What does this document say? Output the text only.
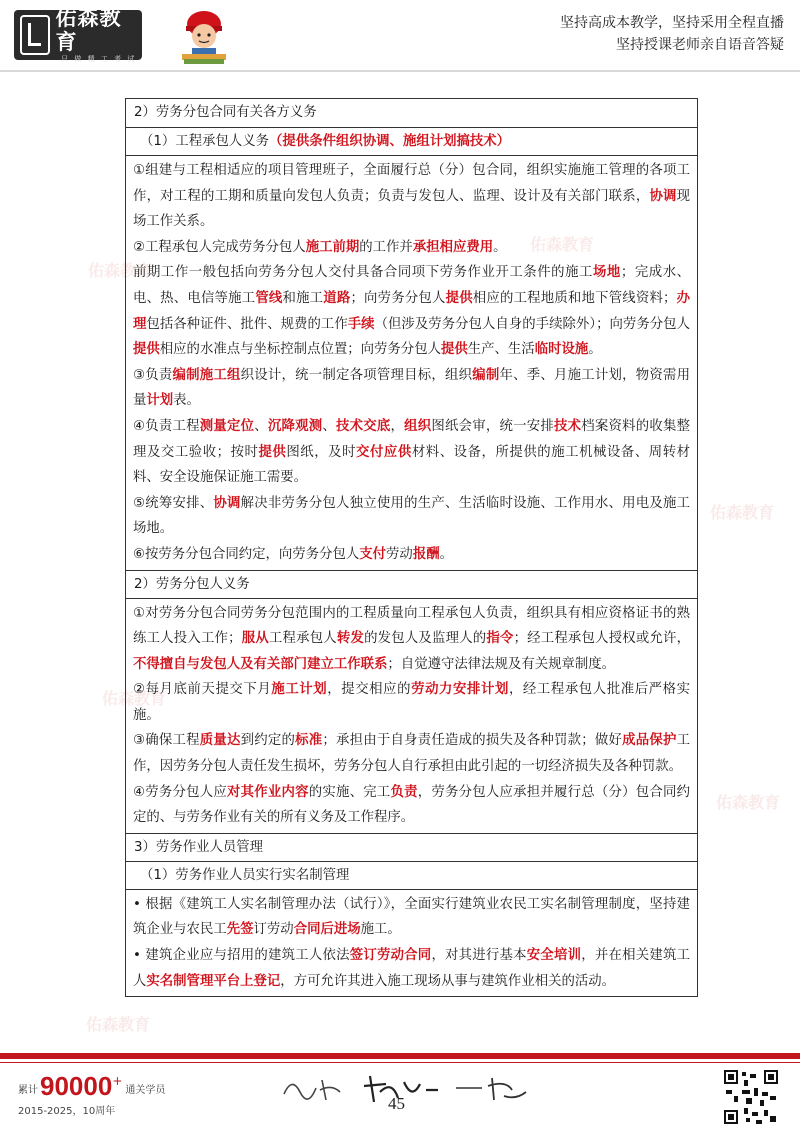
佑森教育
只 做 精 工 考 试
坚持高成本教学，坚持采用全程直播
坚持授课老师亲自语音答疑
佑森教育
佑森教育
佑森教育
佑森教育
佑森教育
佑森教育
2）劳务分包合同有关各方义务
（1）工程承包人义务（提供条件组织协调、施组计划搞技术）

①组建与工程相适应的项目管理班子，全面履行总（分）包合同，组织实施施工管理的各项工作，对工程的工期和质量向发包人负责；负责与发包人、监理、设计及有关部门联系，协调现场工作关系。

②工程承包人完成劳务分包人施工前期的工作并承担相应费用。

前期工作一般包括向劳务分包人交付具备合同项下劳务作业开工条件的施工场地；完成水、电、热、电信等施工管线和施工道路；向劳务分包人提供相应的工程地质和地下管线资料；办理包括各种证件、批件、规费的工作手续（但涉及劳务分包人自身的手续除外）；向劳务分包人提供相应的水准点与坐标控制点位置；向劳务分包人提供生产、生活临时设施。

③负责编制施工组织设计，统一制定各项管理目标，组织编制年、季、月施工计划，物资需用量计划表。

④负责工程测量定位、沉降观测、技术交底，组织图纸会审，统一安排技术档案资料的收集整理及交工验收；按时提供图纸，及时交付应供材料、设备，所提供的施工机械设备、周转材料、安全设施保证施工需要。

⑤统筹安排、协调解决非劳务分包人独立使用的生产、生活临时设施、工作用水、用电及施工场地。

⑥按劳务分包合同约定，向劳务分包人支付劳动报酬。

2）劳务分包人义务

①对劳务分包合同劳务分包范围内的工程质量向工程承包人负责，组织具有相应资格证书的熟练工人投入工作；服从工程承包人转发的发包人及监理人的指令；经工程承包人授权或允许，不得擅自与发包人及有关部门建立工作联系；自觉遵守法律法规及有关规章制度。

②每月底前天提交下月施工计划，提交相应的劳动力安排计划，经工程承包人批准后严格实施。

③确保工程质量达到约定的标准；承担由于自身责任造成的损失及各种罚款；做好成品保护工作，因劳务分包人责任发生损坏，劳务分包人自行承担由此引起的一切经济损失及各种罚款。

④劳务分包人应对其作业内容的实施、完工负责，劳务分包人应承担并履行总（分）包合同约定的、与劳务作业有关的所有义务及工作程序。

3）劳务作业人员管理
（1）劳务作业人员实行实名制管理

• 根据《建筑工人实名制管理办法（试行）》，全面实行建筑业农民工实名制管理制度，坚持建筑企业与农民工先签订劳动合同后进场施工。

• 建筑企业应与招用的建筑工人依法签订劳动合同，对其进行基本安全培训，并在相关建筑工人实名制管理平台上登记，方可允许其进入施工现场从事与建筑作业相关的活动。

累计 90000 +
通关学员
2015-2025，10周年	45
